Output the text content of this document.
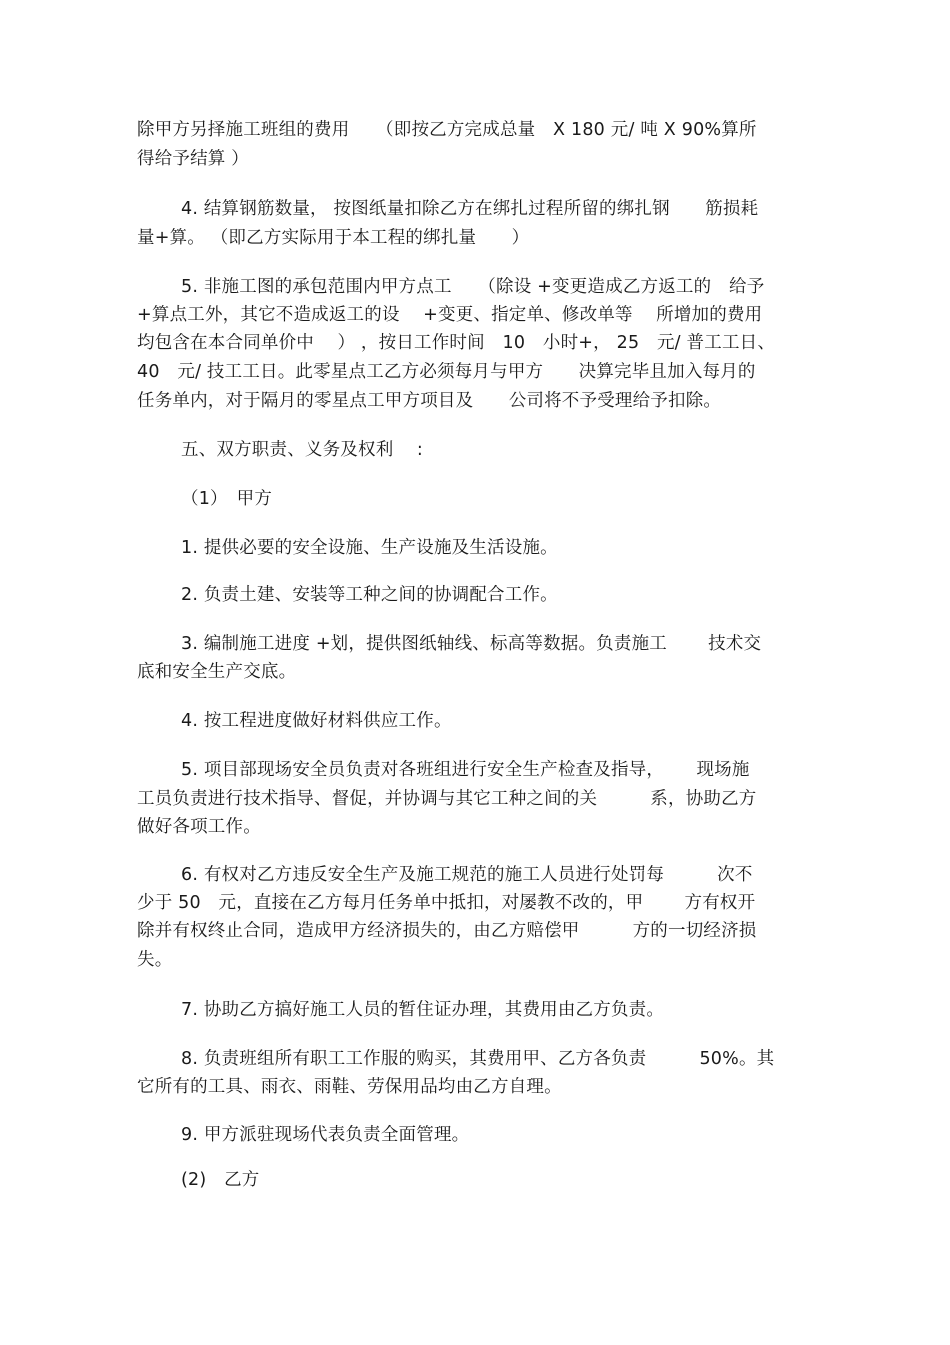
除甲方另择施工班组的费用　　（即按乙方完成总量　X 180 元/ 吨 X 90%算所
得给予结算 ）
4. 结算钢筋数量， 按图纸量扣除乙方在绑扎过程所留的绑扎钢　　筋损耗
量+算。 （即乙方实际用于本工程的绑扎量　　）
5. 非施工图的承包范围内甲方点工　　（除设 +变更造成乙方返工的　给予
+算点工外，其它不造成返工的设　 +变更、指定单、修改单等　 所增加的费用
均包含在本合同单价中　 ） ，按日工作时间　10　小时+， 25　元/ 普工工日、
40　元/ 技工工日。此零星点工乙方必须每月与甲方　　决算完毕且加入每月的
任务单内，对于隔月的零星点工甲方项目及　　公司将不予受理给予扣除。
五、双方职责、义务及权利　 :
（1）　甲方
1. 提供必要的安全设施、生产设施及生活设施。
2. 负责土建、安装等工种之间的协调配合工作。
3. 编制施工进度 +划，提供图纸轴线、标高等数据。负责施工　　 技术交
底和安全生产交底。
4. 按工程进度做好材料供应工作。
5. 项目部现场安全员负责对各班组进行安全生产检查及指导，　　 现场施
工员负责进行技术指导、督促，并协调与其它工种之间的关　　　系，协助乙方
做好各项工作。
6. 有权对乙方违反安全生产及施工规范的施工人员进行处罚每　　　次不
少于 50　元，直接在乙方每月任务单中抵扣，对屡教不改的，甲　　 方有权开
除并有权终止合同，造成甲方经济损失的，由乙方赔偿甲　　　方的一切经济损
失。
7. 协助乙方搞好施工人员的暂住证办理，其费用由乙方负责。
8. 负责班组所有职工工作服的购买，其费用甲、乙方各负责　　　50%。其
它所有的工具、雨衣、雨鞋、劳保用品均由乙方自理。
9. 甲方派驻现场代表负责全面管理。
(2)　乙方
